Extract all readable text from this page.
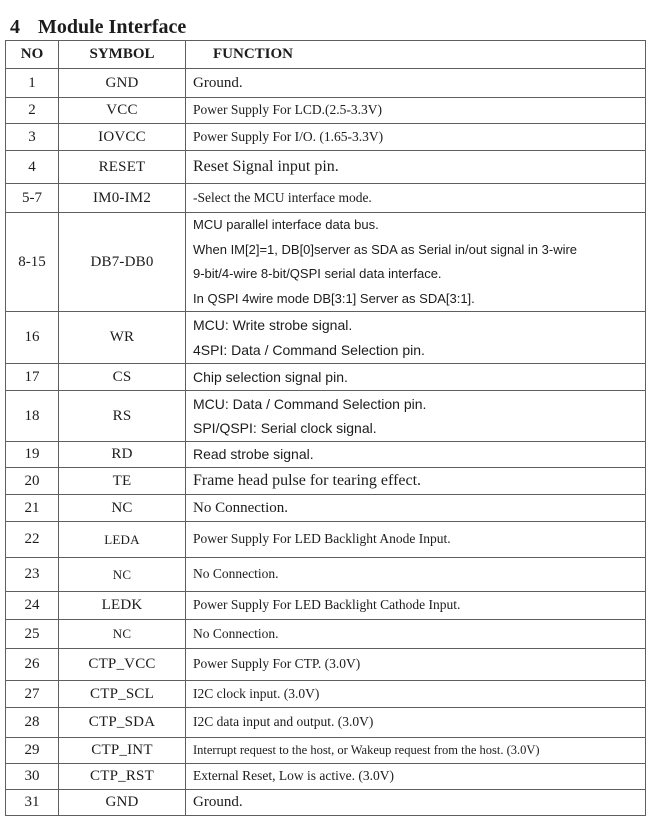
4 Module Interface
NO	SYMBOL	FUNCTION
1	GND	Ground.

2	VCC	Power Supply For LCD.(2.5-3.3V)

3	IOVCC	Power Supply For I/O. (1.65-3.3V)

4	RESET	Reset Signal input pin.

5-7	IM0-IM2	-Select the MCU interface mode.

8-15	DB7-DB0	MCU parallel interface data bus.
When IM[2]=1, DB[0]server as SDA as Serial in/out signal in 3-wire
9-bit/4-wire 8-bit/QSPI serial data interface.
In QSPI 4wire mode DB[3:1] Server as SDA[3:1].

16	WR	MCU: Write strobe signal.
4SPI: Data / Command Selection pin.

17	CS	Chip selection signal pin.

18	RS	MCU: Data / Command Selection pin.
SPI/QSPI: Serial clock signal.

19	RD	Read strobe signal.

20	TE	Frame head pulse for tearing effect.

21	NC	No Connection.

22	LEDA	Power Supply For LED Backlight Anode Input.

23	NC	No Connection.

24	LEDK	Power Supply For LED Backlight Cathode Input.

25	NC	No Connection.

26	CTP_VCC	Power Supply For CTP. (3.0V)

27	CTP_SCL	I2C clock input. (3.0V)

28	CTP_SDA	I2C data input and output. (3.0V)

29	CTP_INT	Interrupt request to the host, or Wakeup request from the host. (3.0V)

30	CTP_RST	External Reset, Low is active. (3.0V)

31	GND	Ground.
